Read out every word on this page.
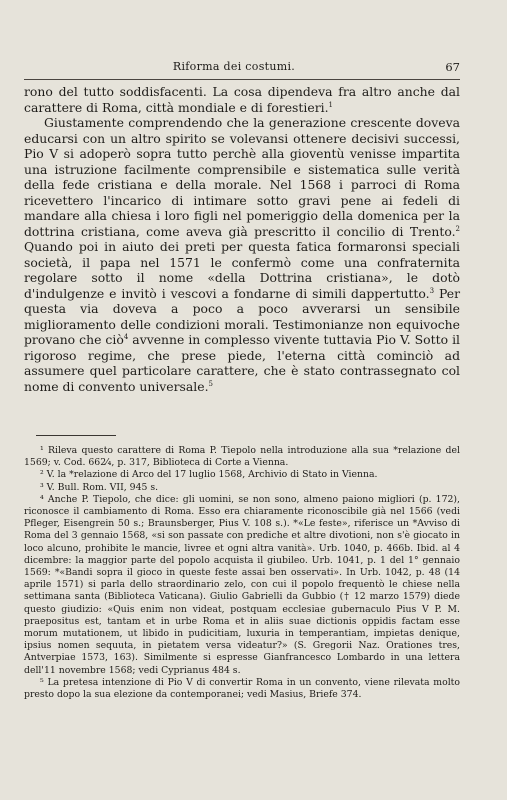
Riforma dei costumi.	67

rono del tutto soddisfacenti. La cosa dipendeva fra altro anche dal carattere di Roma, città mondiale e di forestieri.$^1$

Giustamente comprendendo che la generazione crescente doveva educarsi con un altro spirito se volevansi ottenere decisivi successi, Pio V si adoperò sopra tutto perchè alla gioventù venisse impartita una istruzione facilmente comprensibile e sistematica sulle verità della fede cristiana e della morale. Nel 1568 i parroci di Roma ricevettero l'incarico di intimare sotto gravi pene ai fedeli di mandare alla chiesa i loro figli nel pomeriggio della domenica per la dottrina cristiana, come aveva già prescritto il concilio di Trento.$^2$ Quando poi in aiuto dei preti per questa fatica formaronsi speciali società, il papa nel 1571 le confermò come una confraternita regolare sotto il nome «della Dottrina cristiana», le dotò d'indulgenze e invitò i vescovi a fondarne di simili dappertutto.$^3$ Per questa via doveva a poco a poco avverarsi un sensibile miglioramento delle condizioni morali. Testimonianze non equivoche provano che ciò$^4$ avvenne in complesso vivente tuttavia Pio V. Sotto il rigoroso regime, che prese piede, l'eterna città cominciò ad assumere quel particolare carattere, che è stato contrassegnato col nome di convento universale.$^5$

¹ Rileva questo carattere di Roma P. Tiepolo nella introduzione alla sua *relazione del 1569; v. Cod. 662⁄₄, p. 317, Biblioteca di Corte a Vienna.

² V. la *relazione di Arco del 17 luglio 1568, Archivio di Stato in Vienna.

³ V. Bull. Rom. VII, 945 s.

⁴ Anche P. Tiepolo, che dice: gli uomini, se non sono, almeno paiono migliori (p. 172), riconosce il cambiamento di Roma. Esso era chiaramente riconoscibile già nel 1566 (vedi Pfleger, Eisengrein 50 s.; Braunsberger, Pius V. 108 s.). *«Le feste», riferisce un *Avviso di Roma del 3 gennaio 1568, «si son passate con prediche et altre divotioni, non s'è giocato in loco alcuno, prohibite le mancie, livree et ogni altra vanità». Urb. 1040, p. 466b. Ibid. al 4 dicembre: la maggior parte del popolo acquista il giubileo. Urb. 1041, p. 1 del 1° gennaio 1569: *«Bandi sopra il gioco in queste feste assai ben osservati». In Urb. 1042, p. 48 (14 aprile 1571) si parla dello straordinario zelo, con cui il popolo frequentò le chiese nella settimana santa (Biblioteca Vaticana). Giulio Gabrielli da Gubbio († 12 marzo 1579) diede questo giudizio: «Quis enim non videat, postquam ecclesiae gubernaculo Pius V P. M. praepositus est, tantam et in urbe Roma et in aliis suae dictionis oppidis factam esse morum mutationem, ut libido in pudicitiam, luxuria in temperantiam, impietas denique, ipsius nomen sequuta, in pietatem versa videatur?» (S. Gregorii Naz. Orationes tres, Antverpiae 1573, 163). Similmente si espresse Gianfrancesco Lombardo in una lettera dell'11 novembre 1568; vedi Cyprianus 484 s.

⁵ La pretesa intenzione di Pio V di convertir Roma in un convento, viene rilevata molto presto dopo la sua elezione da contemporanei; vedi Masius, Briefe 374.
